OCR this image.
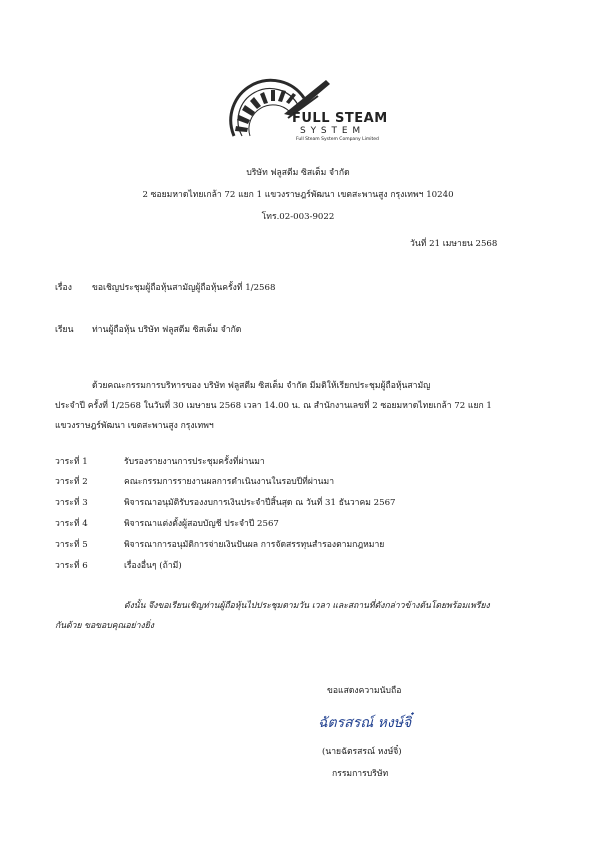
FULL STEAM
S Y S T E M
Full Steam System Company Limited
บริษัท ฟลูสตีม ซิสเต็ม จำกัด
2 ซอยมหาดไทยเกล้า 72 แยก 1 แขวงราษฎร์พัฒนา เขตสะพานสูง กรุงเทพฯ 10240
โทร.02-003-9022
วันที่ 21 เมษายน 2568
เรื่อง ขอเชิญประชุมผู้ถือหุ้นสามัญผู้ถือหุ้นครั้งที่ 1/2568
เรียน ท่านผู้ถือหุ้น บริษัท ฟลูสตีม ซิสเต็ม จำกัด
ด้วยคณะกรรมการบริหารของ บริษัท ฟลูสตีม ซิสเต็ม จำกัด มีมติให้เรียกประชุมผู้ถือหุ้นสามัญ
ประจำปี ครั้งที่ 1/2568 ในวันที่ 30 เมษายน 2568 เวลา 14.00 น. ณ สำนักงานเลขที่ 2 ซอยมหาดไทยเกล้า 72 แยก 1
แขวงราษฎร์พัฒนา เขตสะพานสูง กรุงเทพฯ
วาระที่ 1	รับรองรายงานการประชุมครั้งที่ผ่านมา
วาระที่ 2	คณะกรรมการรายงานผลการดำเนินงานในรอบปีที่ผ่านมา
วาระที่ 3	พิจารณาอนุมัติรับรองงบการเงินประจำปีสิ้นสุด ณ วันที่ 31 ธันวาคม 2567
วาระที่ 4	พิจารณาแต่งตั้งผู้สอบบัญชี ประจำปี 2567
วาระที่ 5	พิจารณาการอนุมัติการจ่ายเงินปันผล การจัดสรรทุนสำรองตามกฎหมาย
วาระที่ 6	เรื่องอื่นๆ (ถ้ามี)
ดังนั้น จึงขอเรียนเชิญท่านผู้ถือหุ้นไปประชุมตามวัน เวลา และสถานที่ดังกล่าวข้างต้นโดยพร้อมเพรียง
กันด้วย ขอขอบคุณอย่างยิ่ง
ขอแสดงความนับถือ
ฉัตรสรณ์ หงษ์จิ๋
(นายฉัตรสรณ์ หงษ์จิ๋)
กรรมการบริษัท
